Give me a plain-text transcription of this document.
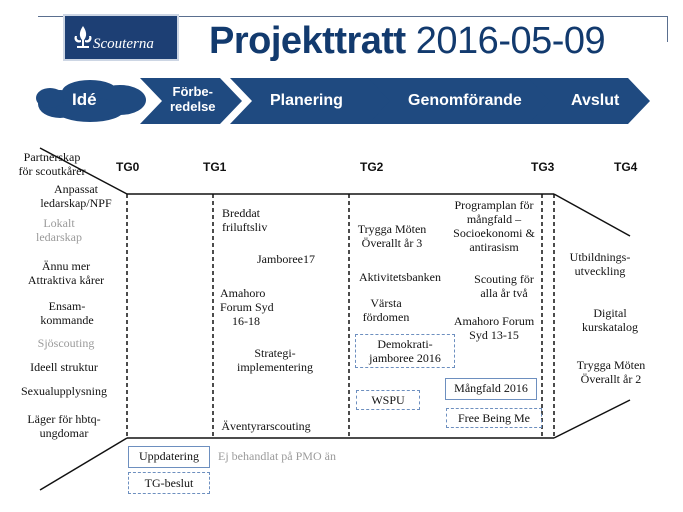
Scouterna Projekttratt 2016-05-09
Idé	Förbe-
redelse	Planering	Genomförande	Avslut
TG0	TG1	TG2	TG3	TG4
Partnerskap
för scoutkårer
Anpassat
ledarskap/NPF
Lokalt
ledarskap
Ännu mer
Attraktiva kårer
Ensam-
kommande
Sjöscouting
Ideell struktur
Sexualupplysning
Läger för hbtq-
ungdomar
Breddat
friluftsliv
Jamboree17
Amahoro
Forum Syd
16-18
Strategi-
implementering
Äventyrarscouting
Trygga Möten
Överallt år 3
Aktivitetsbanken
Värsta
fördomen
Demokrati-
jamboree 2016
WSPU
Programplan för
mångfald –
Socioekonomi &
antirasism
Scouting för
alla år två
Amahoro Forum
Syd 13-15
Mångfald 2016
Free Being Me
Utbildnings-
utveckling
Digital
kurskatalog
Trygga Möten
Överallt år 2
Uppdatering	Ej behandlat på PMO än
TG-beslut
